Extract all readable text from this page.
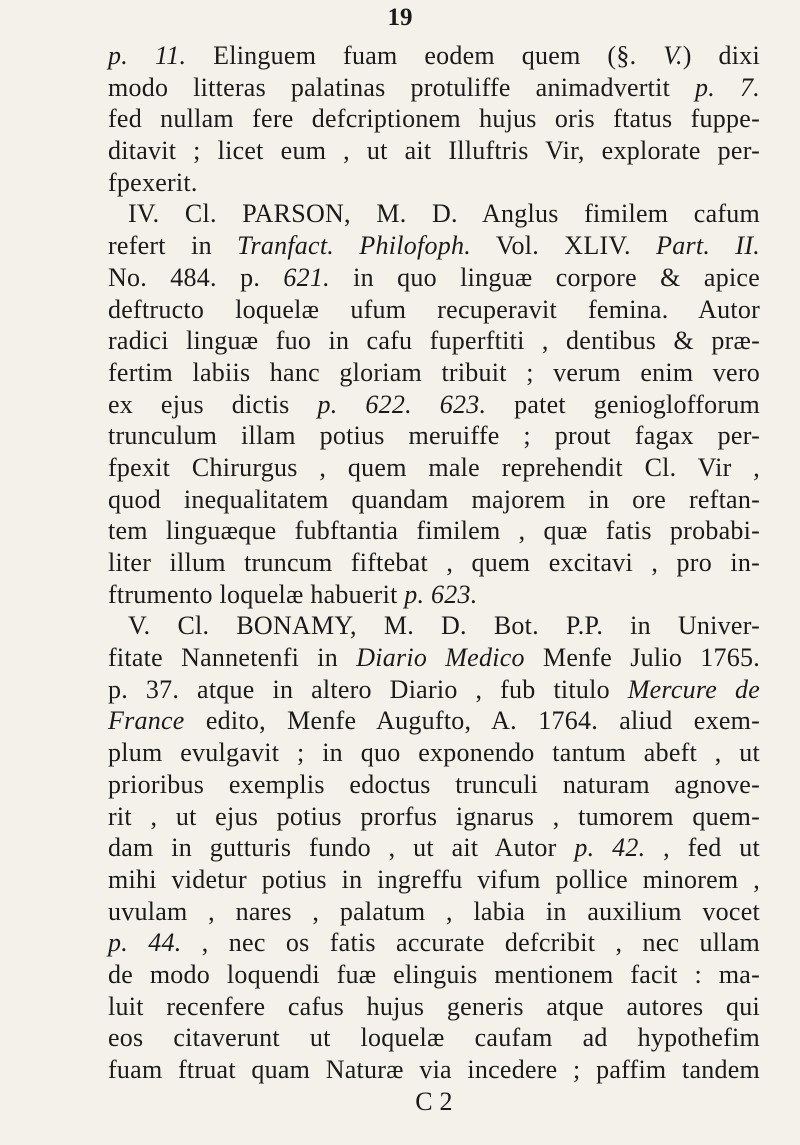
19
p. 11. Elinguem fuam eodem quem (§. V.) dixi
modo litteras palatinas protuliffe animadvertit p. 7.
fed nullam fere defcriptionem hujus oris ftatus fuppe-
ditavit ; licet eum , ut ait Illuftris Vir, explorate per-
fpexerit.
IV. Cl. PARSON, M. D. Anglus fimilem cafum
refert in Tranfact. Philofoph. Vol. XLIV. Part. II.
No. 484. p. 621. in quo linguæ corpore & apice
deftructo loquelæ ufum recuperavit femina. Autor
radici linguæ fuo in cafu fuperftiti , dentibus & præ-
fertim labiis hanc gloriam tribuit ; verum enim vero
ex ejus dictis p. 622. 623. patet genioglofforum
trunculum illam potius meruiffe ; prout fagax per-
fpexit Chirurgus , quem male reprehendit Cl. Vir ,
quod inequalitatem quandam majorem in ore reftan-
tem linguæque fubftantia fimilem , quæ fatis probabi-
liter illum truncum fiftebat , quem excitavi , pro in-
ftrumento loquelæ habuerit p. 623.
V. Cl. BONAMY, M. D. Bot. P.P. in Univer-
fitate Nannetenfi in Diario Medico Menfe Julio 1765.
p. 37. atque in altero Diario , fub titulo Mercure de
France edito, Menfe Augufto, A. 1764. aliud exem-
plum evulgavit ; in quo exponendo tantum abeft , ut
prioribus exemplis edoctus trunculi naturam agnove-
rit , ut ejus potius prorfus ignarus , tumorem quem-
dam in gutturis fundo , ut ait Autor p. 42. , fed ut
mihi videtur potius in ingreffu vifum pollice minorem ,
uvulam , nares , palatum , labia in auxilium vocet
p. 44. , nec os fatis accurate defcribit , nec ullam
de modo loquendi fuæ elinguis mentionem facit : ma-
luit recenfere cafus hujus generis atque autores qui
eos citaverunt ut loquelæ caufam ad hypothefim
fuam ftruat quam Naturæ via incedere ; paffim tandem
C 2
